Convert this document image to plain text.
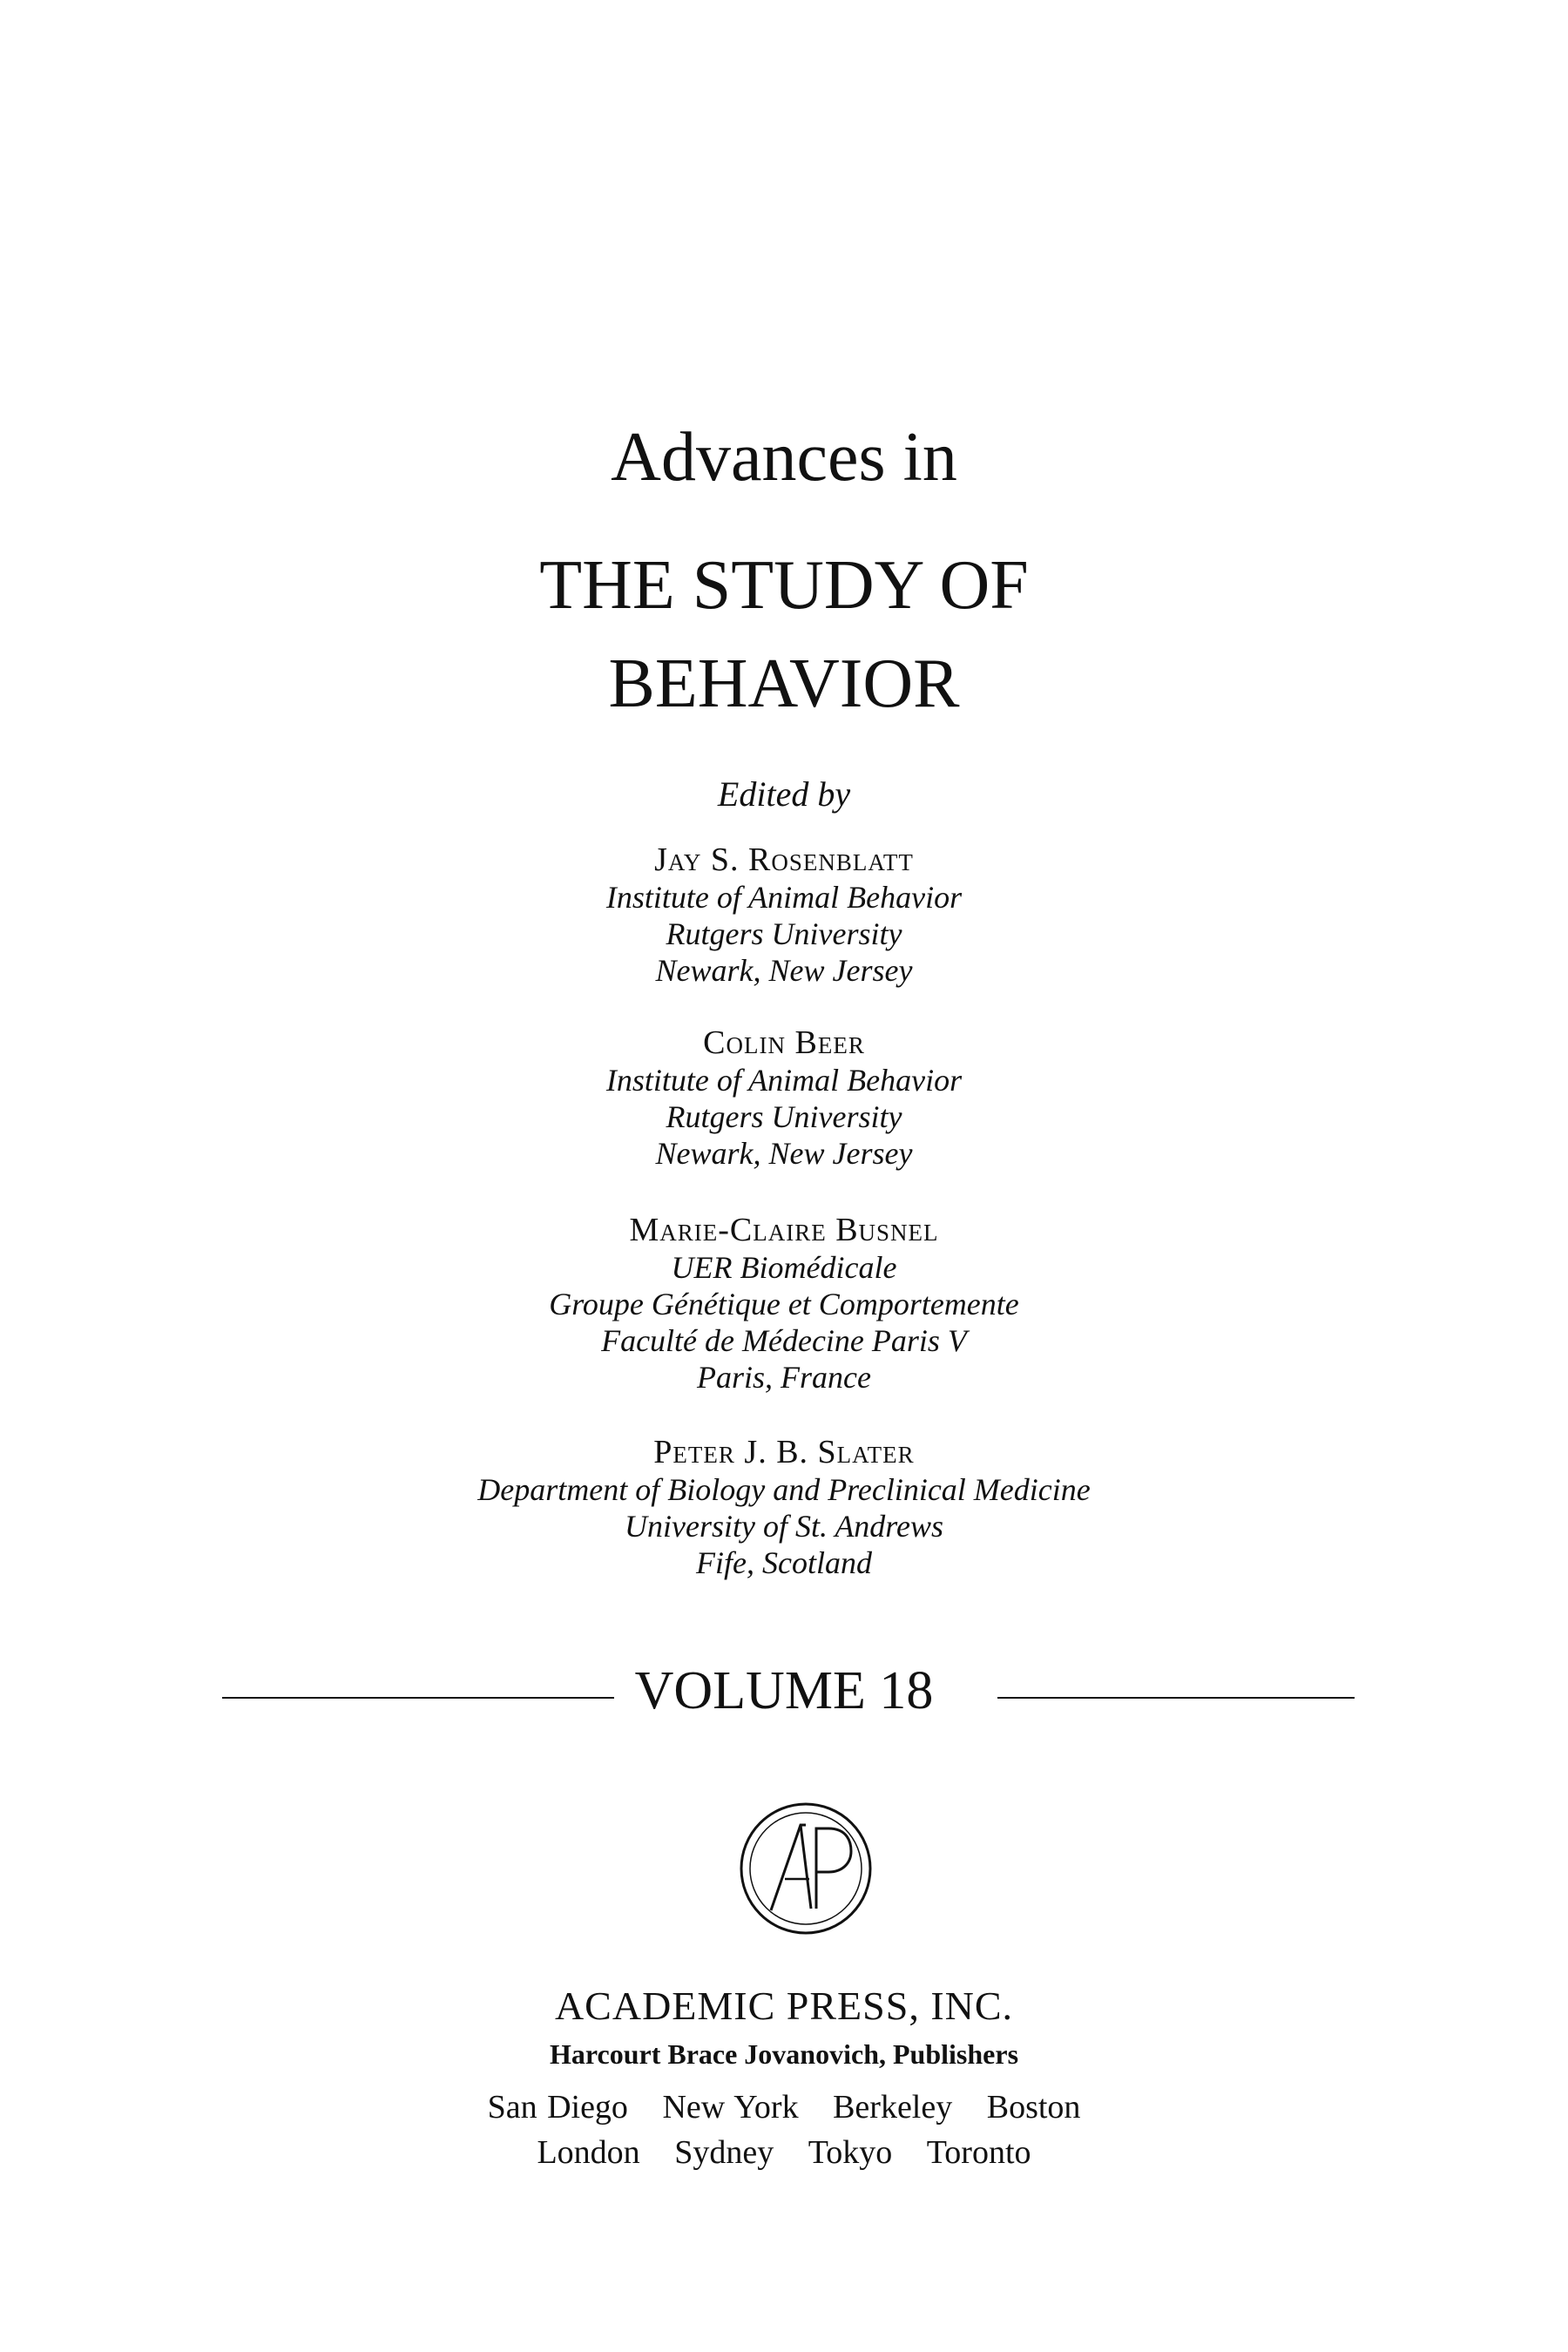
Advances in
THE STUDY OF
BEHAVIOR
Edited by
Jay S. Rosenblatt
Institute of Animal Behavior
Rutgers University
Newark, New Jersey
Colin Beer
Institute of Animal Behavior
Rutgers University
Newark, New Jersey
Marie-Claire Busnel
UER Biomédicale
Groupe Génétique et Comportemente
Faculté de Médecine Paris V
Paris, France
Peter J. B. Slater
Department of Biology and Preclinical Medicine
University of St. Andrews
Fife, Scotland
VOLUME 18
ACADEMIC PRESS, INC.
Harcourt Brace Jovanovich, Publishers
San Diego New York Berkeley Boston
London Sydney Tokyo Toronto
